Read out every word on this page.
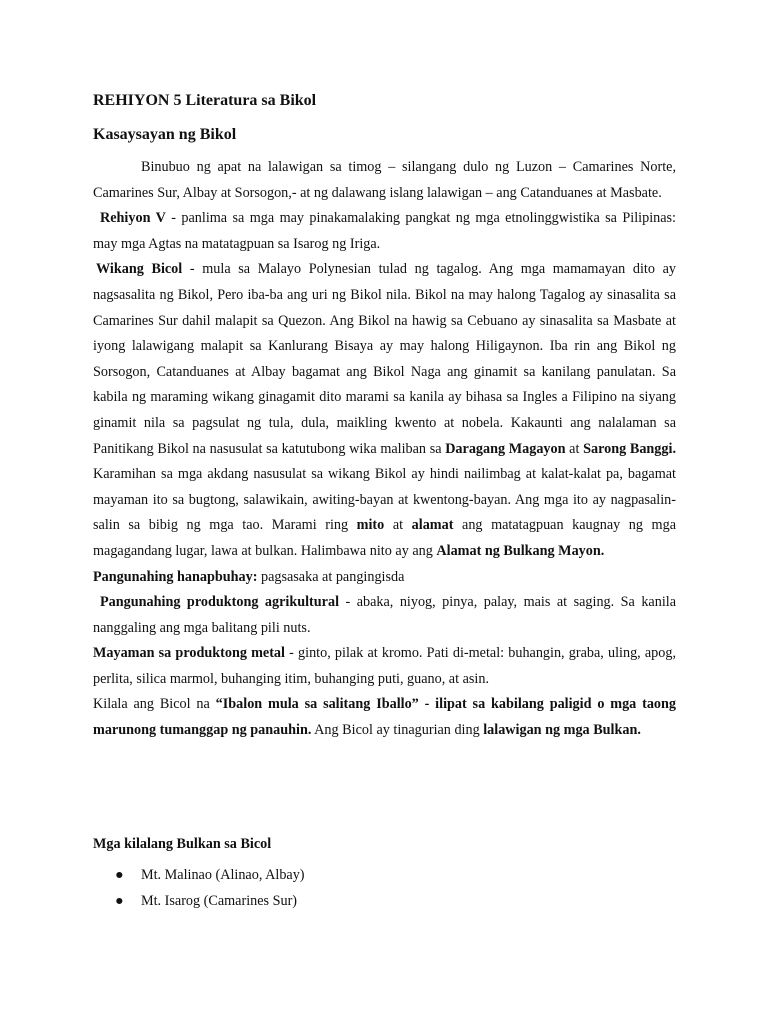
REHIYON 5 Literatura sa Bikol
Kasaysayan ng Bikol

Binubuo ng apat na lalawigan sa timog – silangang dulo ng Luzon – Camarines Norte, Camarines Sur, Albay at Sorsogon,- at ng dalawang islang lalawigan – ang Catanduanes at Masbate.

Rehiyon V - panlima sa mga may pinakamalaking pangkat ng mga etnolinggwistika sa Pilipinas: may mga Agtas na matatagpuan sa Isarog ng Iriga.

Wikang Bicol - mula sa Malayo Polynesian tulad ng tagalog. Ang mga mamamayan dito ay nagsasalita ng Bikol, Pero iba-ba ang uri ng Bikol nila. Bikol na may halong Tagalog ay sinasalita sa Camarines Sur dahil malapit sa Quezon. Ang Bikol na hawig sa Cebuano ay sinasalita sa Masbate at iyong lalawigang malapit sa Kanlurang Bisaya ay may halong Hiligaynon. Iba rin ang Bikol ng Sorsogon, Catanduanes at Albay bagamat ang Bikol Naga ang ginamit sa kanilang panulatan. Sa kabila ng maraming wikang ginagamit dito marami sa kanila ay bihasa sa Ingles a Filipino na siyang ginamit nila sa pagsulat ng tula, dula, maikling kwento at nobela. Kakaunti ang nalalaman sa Panitikang Bikol na nasusulat sa katutubong wika maliban sa Daragang Magayon at Sarong Banggi. Karamihan sa mga akdang nasusulat sa wikang Bikol ay hindi nailimbag at kalat-kalat pa, bagamat mayaman ito sa bugtong, salawikain, awiting-bayan at kwentong-bayan. Ang mga ito ay nagpasalin-salin sa bibig ng mga tao. Marami ring mito at alamat ang matatagpuan kaugnay ng mga magagandang lugar, lawa at bulkan. Halimbawa nito ay ang Alamat ng Bulkang Mayon.

Pangunahing hanapbuhay: pagsasaka at pangingisda

Pangunahing produktong agrikultural - abaka, niyog, pinya, palay, mais at saging. Sa kanila nanggaling ang mga balitang pili nuts.

Mayaman sa produktong metal - ginto, pilak at kromo. Pati di-metal: buhangin, graba, uling, apog, perlita, silica marmol, buhanging itim, buhanging puti, guano, at asin.

Kilala ang Bicol na “Ibalon mula sa salitang Iballo” - ilipat sa kabilang paligid o mga taong marunong tumanggap ng panauhin. Ang Bicol ay tinagurian ding lalawigan ng mga Bulkan.

Mga kilalang Bulkan sa Bicol
● Mt. Malinao (Alinao, Albay)
● Mt. Isarog (Camarines Sur)
